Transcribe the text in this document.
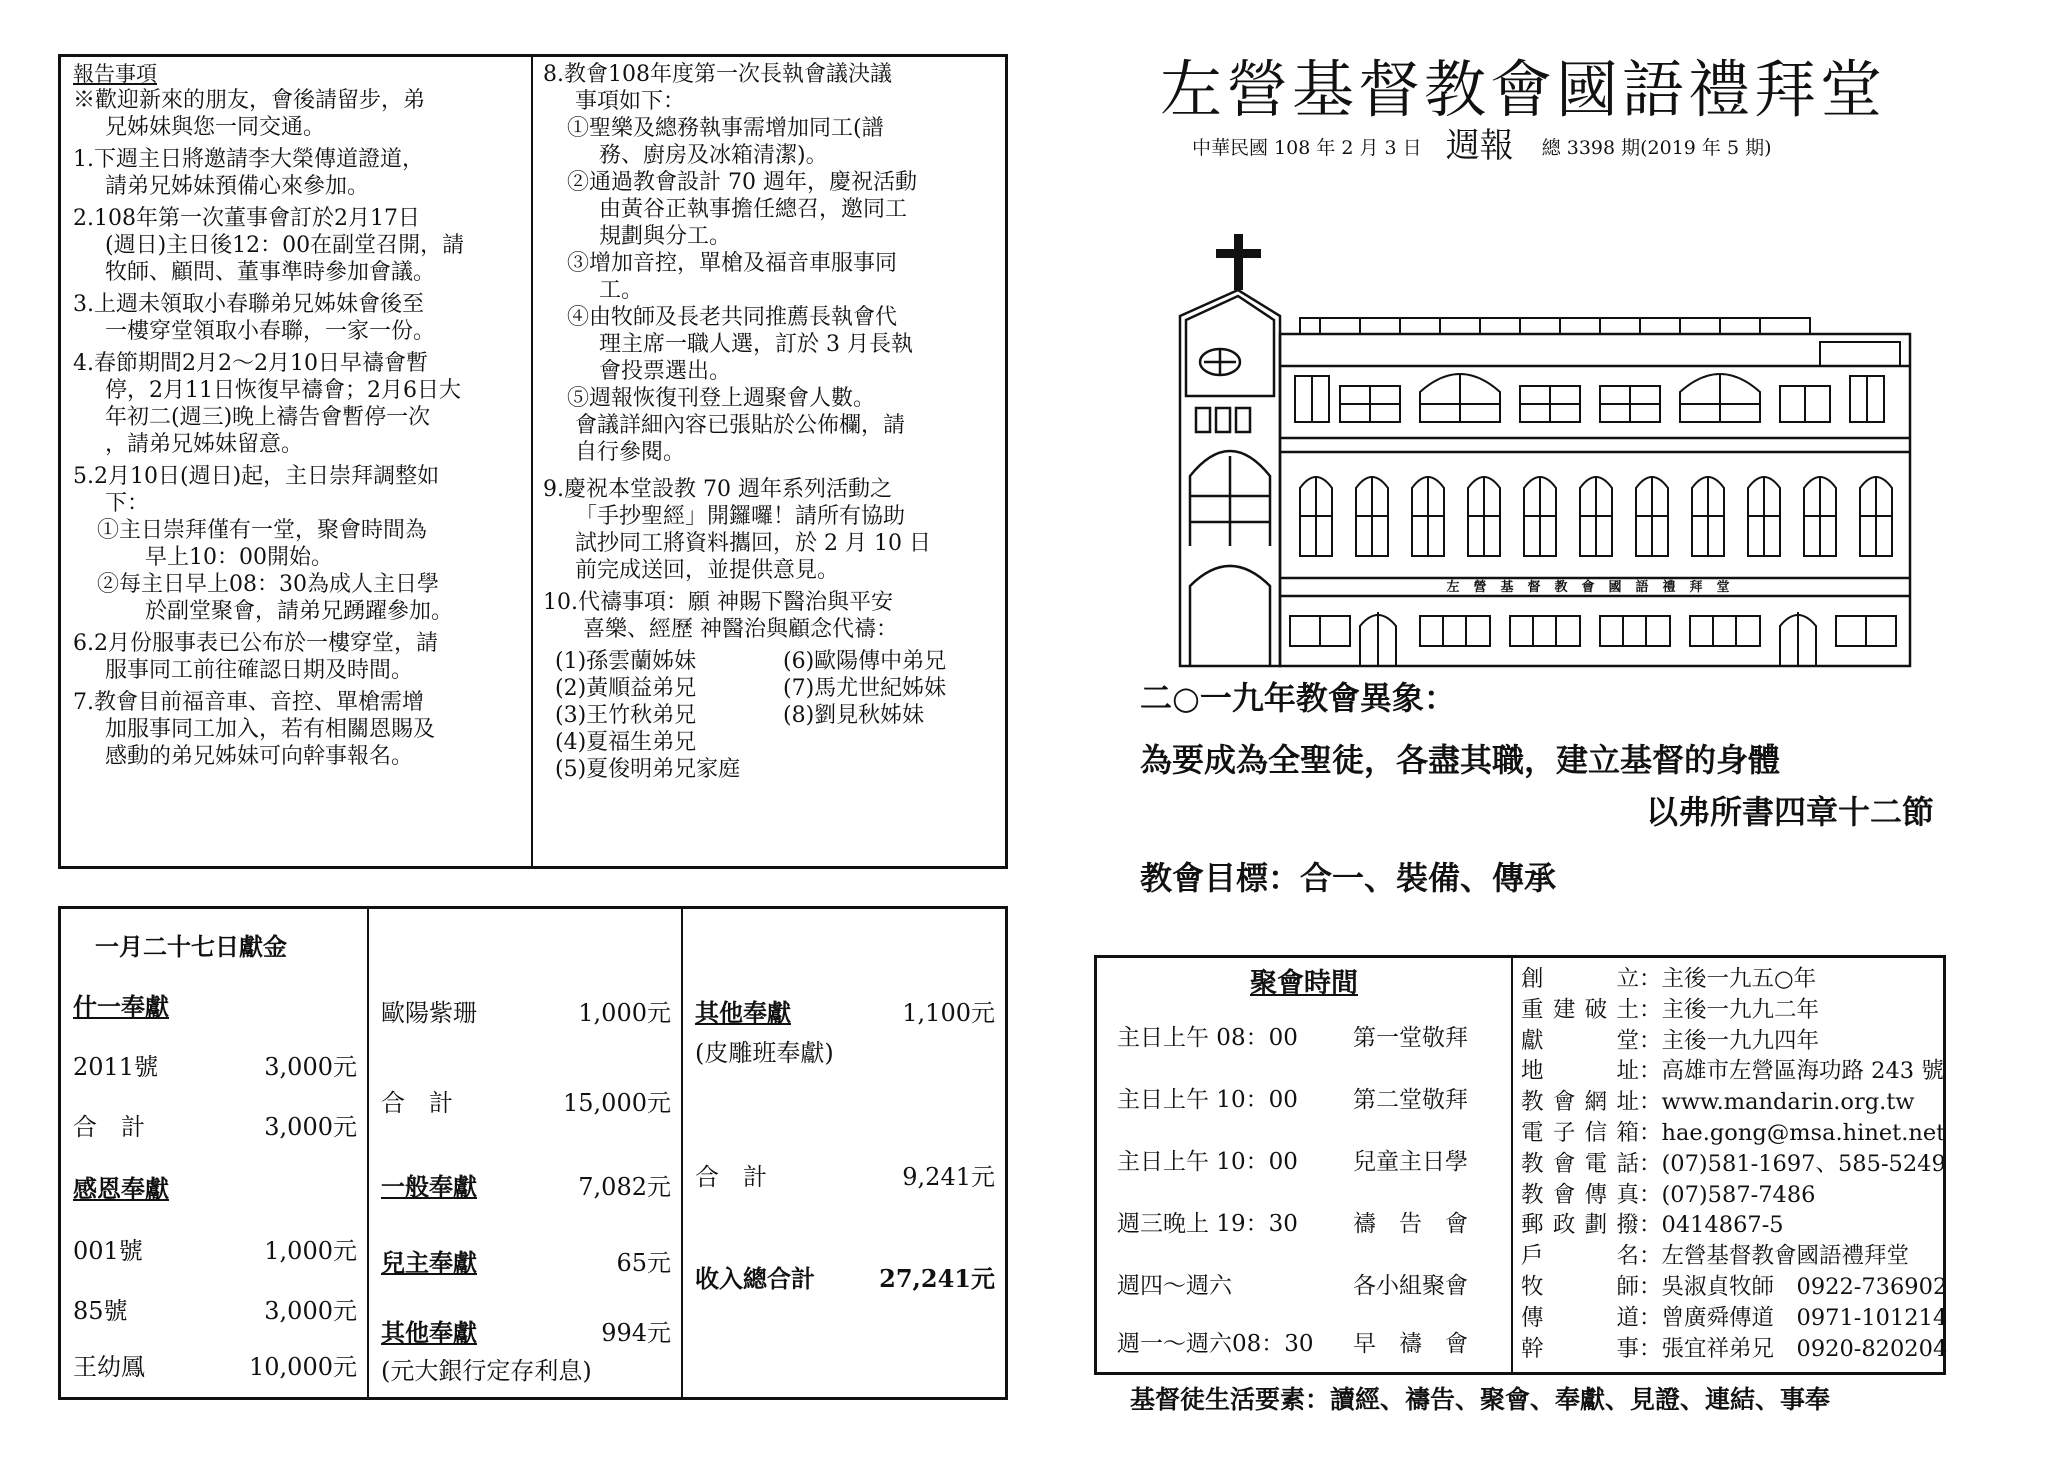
報告事項
※歡迎新來的朋友，會後請留步，弟
兄姊妹與您一同交通。
1.下週主日將邀請李大榮傳道證道，
請弟兄姊妹預備心來參加。
2.108年第一次董事會訂於2月17日
(週日)主日後12：00在副堂召開，請
牧師、顧問、董事準時參加會議。
3.上週未領取小春聯弟兄姊妹會後至
一樓穿堂領取小春聯，一家一份。
4.春節期間2月2～2月10日早禱會暫
停，2月11日恢復早禱會；2月6日大
年初二(週三)晚上禱告會暫停一次
，請弟兄姊妹留意。
5.2月10日(週日)起，主日崇拜調整如
下：
①主日崇拜僅有一堂，聚會時間為
早上10：00開始。
②每主日早上08：30為成人主日學
於副堂聚會，請弟兄踴躍參加。
6.2月份服事表已公布於一樓穿堂，請
服事同工前往確認日期及時間。
7.教會目前福音車、音控、單槍需增
加服事同工加入，若有相關恩賜及
感動的弟兄姊妹可向幹事報名。
8.教會108年度第一次長執會議決議
事項如下：
①聖樂及總務執事需增加同工(譜
務、廚房及冰箱清潔)。
②通過教會設計 70 週年，慶祝活動
由黃谷正執事擔任總召，邀同工
規劃與分工。
③增加音控，單槍及福音車服事同
工。
④由牧師及長老共同推薦長執會代
理主席一職人選，訂於 3 月長執
會投票選出。
⑤週報恢復刊登上週聚會人數。
會議詳細內容已張貼於公佈欄，請
自行參閱。
9.慶祝本堂設教 70 週年系列活動之
「手抄聖經」開鑼囉！請所有協助
試抄同工將資料攜回，於 2 月 10 日
前完成送回，並提供意見。
10.代禱事項：願 神賜下醫治與平安
喜樂、經歷 神醫治與顧念代禱：
(1)孫雲蘭姊妹	(6)歐陽傳中弟兄
(2)黃順益弟兄	(7)馬尤世紀姊妹
(3)王竹秋弟兄	(8)劉見秋姊妹
(4)夏福生弟兄
(5)夏俊明弟兄家庭
一月二十七日獻金
什一奉獻
2011號	3,000元
合　計	3,000元
感恩奉獻
001號	1,000元
85號	3,000元
王幼鳳	10,000元
歐陽紫珊	1,000元
合　計	15,000元
一般奉獻	7,082元
兒主奉獻	65元
其他奉獻	994元
(元大銀行定存利息)
其他奉獻	1,100元
(皮雕班奉獻)
合　計	9,241元
收入總合計	27,241元
左營基督教會國語禮拜堂
中華民國 108 年 2 月 3 日 週報 總 3398 期(2019 年 5 期)
左營基督教會國語禮拜堂
二○一九年教會異象：
為要成為全聖徒，各盡其職，建立基督的身體
以弗所書四章十二節
教會目標：合一、裝備、傳承
聚會時間
主日上午 08：00 第一堂敬拜
主日上午 10：00 第二堂敬拜
主日上午 10：00 兒童主日學
週三晚上 19：30 禱　告　會
週四～週六	各小組聚會
週一～週六08：30 早　禱　會
創立 ：主後一九五○年
重建破土 ：主後一九九二年
獻堂 ：主後一九九四年
地址 ：高雄市左營區海功路 243 號
教會網址 ：www.mandarin.org.tw
電子信箱 ：hae.gong@msa.hinet.net
教會電話 ：(07)581-1697、585-5249
教會傳真 ：(07)587-7486
郵政劃撥 ：0414867-5
戶名 ：左營基督教會國語禮拜堂
牧師 ：吳淑貞牧師　0922-736902
傳道 ：曾廣舜傳道　0971-101214
幹事 ：張宜祥弟兄　0920-820204
基督徒生活要素：讀經、禱告、聚會、奉獻、見證、連結、事奉
